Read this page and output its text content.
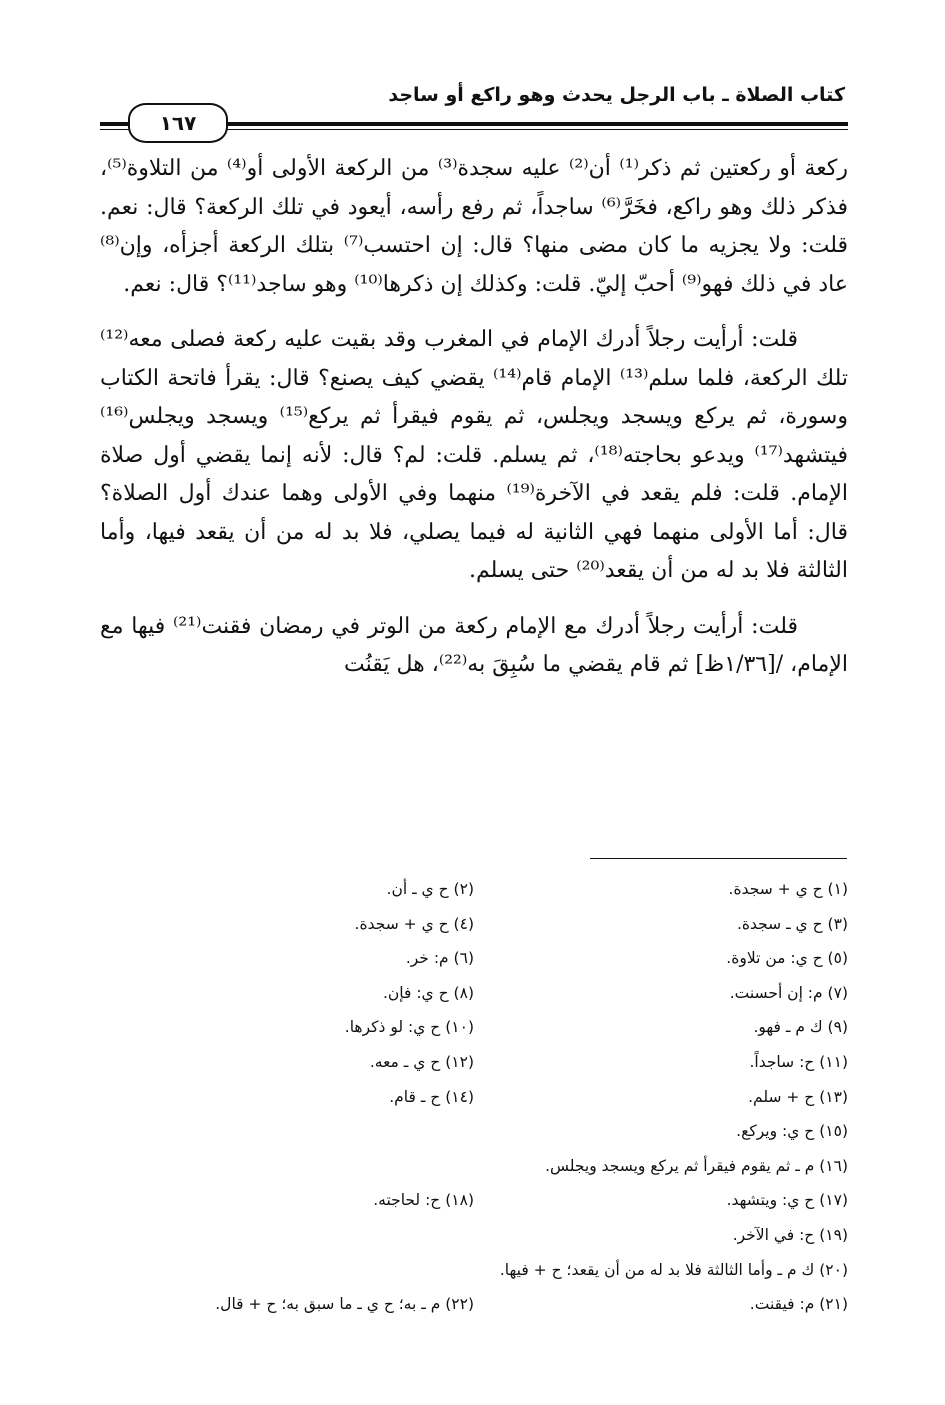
كتاب الصلاة ـ باب الرجل يحدث وهو راكع أو ساجد
١٦٧

ركعة أو ركعتين ثم ذكر⁽¹⁾ أن⁽²⁾ عليه سجدة⁽³⁾ من الركعة الأولى أو⁽⁴⁾ من التلاوة⁽⁵⁾، فذكر ذلك وهو راكع، فخَرَّ⁽⁶⁾ ساجداً، ثم رفع رأسه، أيعود في تلك الركعة؟ قال: نعم. قلت: ولا يجزيه ما كان مضى منها؟ قال: إن احتسب⁽⁷⁾ بتلك الركعة أجزأه، وإن⁽⁸⁾ عاد في ذلك فهو⁽⁹⁾ أحبّ إليّ. قلت: وكذلك إن ذكرها⁽¹⁰⁾ وهو ساجد⁽¹¹⁾؟ قال: نعم.

قلت: أرأيت رجلاً أدرك الإمام في المغرب وقد بقيت عليه ركعة فصلى معه⁽¹²⁾ تلك الركعة، فلما سلم⁽¹³⁾ الإمام قام⁽¹⁴⁾ يقضي كيف يصنع؟ قال: يقرأ فاتحة الكتاب وسورة، ثم يركع ويسجد ويجلس، ثم يقوم فيقرأ ثم يركع⁽¹⁵⁾ ويسجد ويجلس⁽¹⁶⁾ فيتشهد⁽¹⁷⁾ ويدعو بحاجته⁽¹⁸⁾، ثم يسلم. قلت: لم؟ قال: لأنه إنما يقضي أول صلاة الإمام. قلت: فلم يقعد في الآخرة⁽¹⁹⁾ منهما وفي الأولى وهما عندك أول الصلاة؟ قال: أما الأولى منهما فهي الثانية له فيما يصلي، فلا بد له من أن يقعد فيها، وأما الثالثة فلا بد له من أن يقعد⁽²⁰⁾ حتى يسلم.

قلت: أرأيت رجلاً أدرك مع الإمام ركعة من الوتر في رمضان فقنت⁽²¹⁾ فيها مع الإمام، /[١/٣٦ظ] ثم قام يقضي ما سُبِقَ به⁽²²⁾، هل يَقنُت

(١) ح ي + سجدة.
(٢) ح ي ـ أن.
(٣) ح ي ـ سجدة.
(٤) ح ي + سجدة.
(٥) ح ي: من تلاوة.
(٦) م: خر.
(٧) م: إن أحسنت.
(٨) ح ي: فإن.
(٩) ك م ـ فهو.
(١٠) ح ي: لو ذكرها.
(١١) ح: ساجداً.
(١٢) ح ي ـ معه.
(١٣) ح + سلم.
(١٤) ح ـ قام.
(١٥) ح ي: ويركع.
(١٦) م ـ ثم يقوم فيقرأ ثم يركع ويسجد ويجلس.
(١٧) ح ي: ويتشهد.
(١٨) ح: لحاجته.
(١٩) ح: في الآخر.
(٢٠) ك م ـ وأما الثالثة فلا بد له من أن يقعد؛ ح + فيها.
(٢١) م: فيقنت.
(٢٢) م ـ به؛ ح ي ـ ما سبق به؛ ح + قال.
